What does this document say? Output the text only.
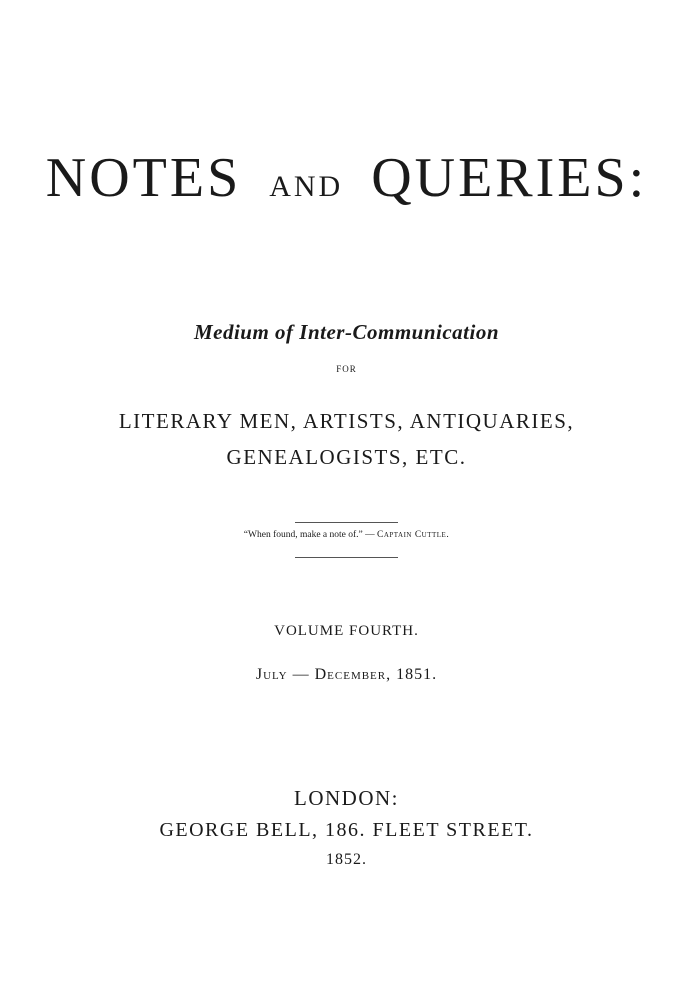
NOTES AND QUERIES:
Medium of Inter-Communication
FOR
LITERARY MEN, ARTISTS, ANTIQUARIES,
GENEALOGISTS, ETC.
“When found, make a note of.” — Captain Cuttle.
VOLUME FOURTH.
July — December, 1851.
LONDON:
GEORGE BELL, 186. FLEET STREET.
1852.
